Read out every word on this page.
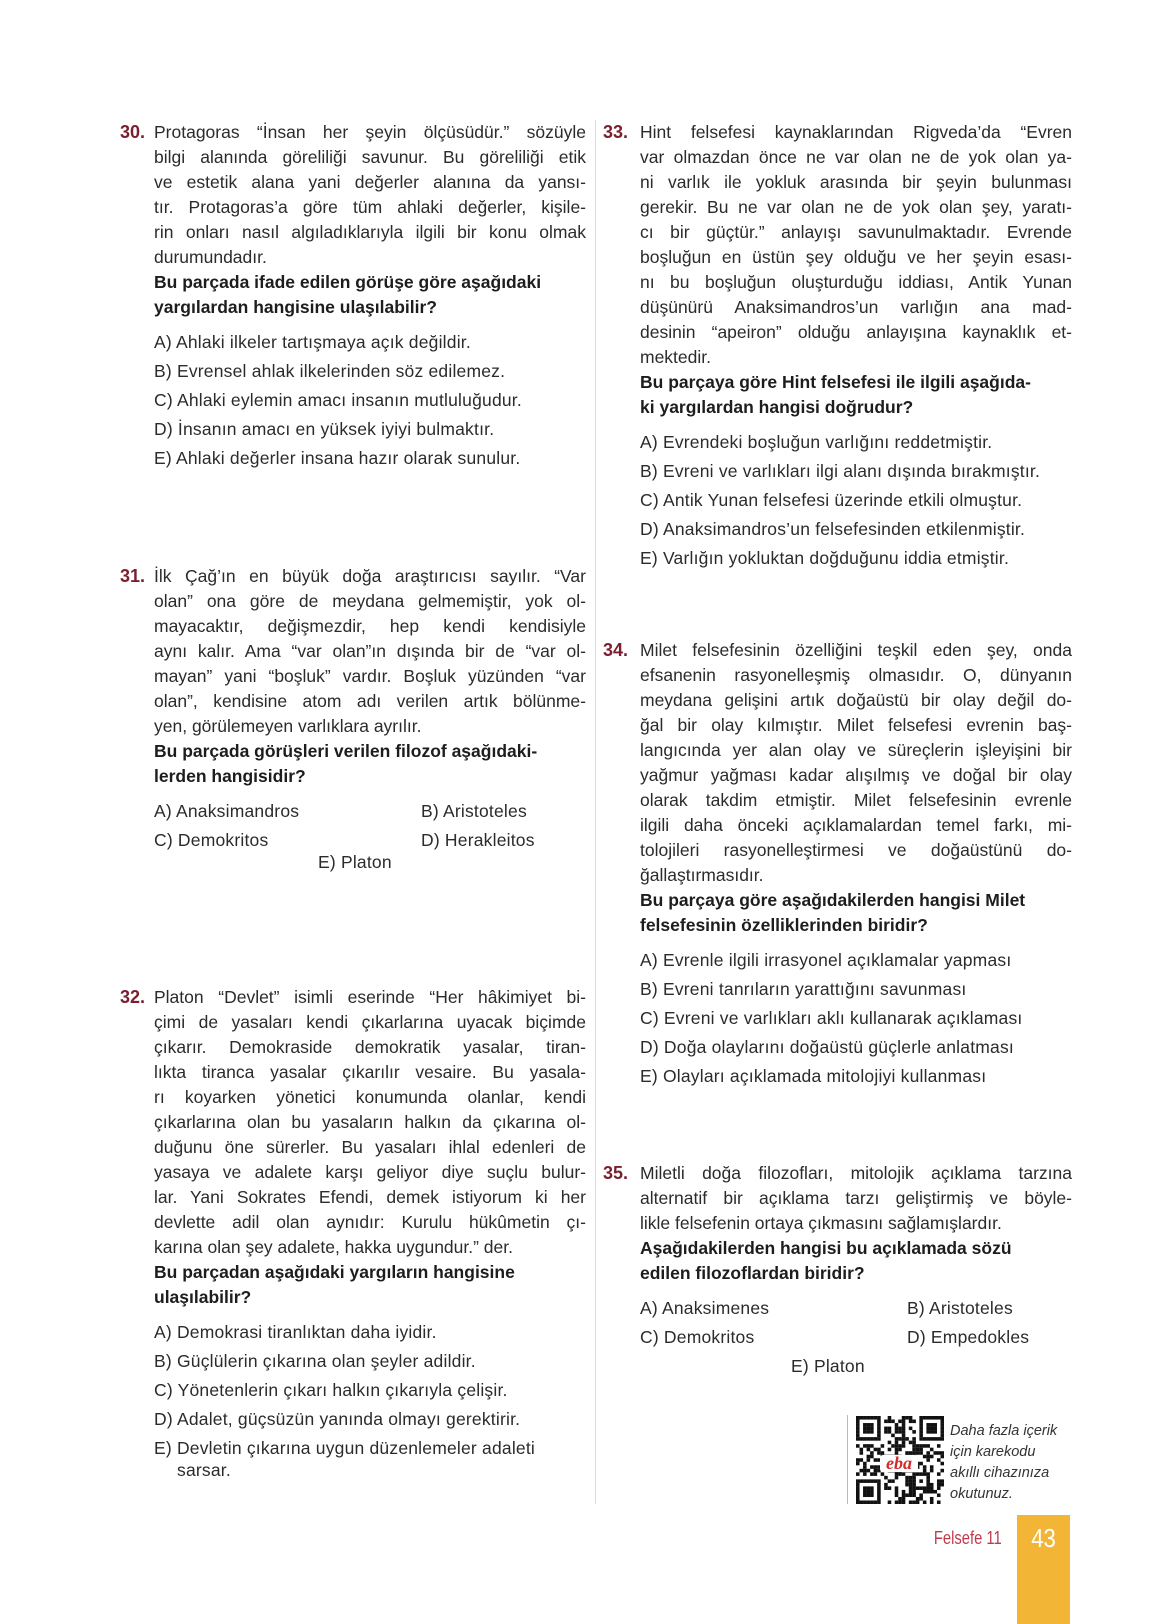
30. Protagoras “İnsan her şeyin ölçüsüdür.” sözüyle
bilgi alanında göreliliği savunur. Bu göreliliği etik
ve estetik alana yani değerler alanına da yansı-
tır. Protagoras’a göre tüm ahlaki değerler, kişile-
rin onları nasıl algıladıklarıyla ilgili bir konu olmak
durumundadır.
Bu parçada ifade edilen görüşe göre aşağıdaki
yargılardan hangisine ulaşılabilir?
A) Ahlaki ilkeler tartışmaya açık değildir.
B) Evrensel ahlak ilkelerinden söz edilemez.
C) Ahlaki eylemin amacı insanın mutluluğudur.
D) İnsanın amacı en yüksek iyiyi bulmaktır.
E) Ahlaki değerler insana hazır olarak sunulur.
31. İlk Çağ’ın en büyük doğa araştırıcısı sayılır. “Var
olan” ona göre de meydana gelmemiştir, yok ol-
mayacaktır, değişmezdir, hep kendi kendisiyle
aynı kalır. Ama “var olan”ın dışında bir de “var ol-
mayan” yani “boşluk” vardır. Boşluk yüzünden “var
olan”, kendisine atom adı verilen artık bölünme-
yen, görülemeyen varlıklara ayrılır.
Bu parçada görüşleri verilen filozof aşağıdaki-
lerden hangisidir?
A) Anaksimandros	B) Aristoteles
C) Demokritos	D) Herakleitos
E) Platon
32. Platon “Devlet” isimli eserinde “Her hâkimiyet bi-
çimi de yasaları kendi çıkarlarına uyacak biçimde
çıkarır. Demokraside demokratik yasalar, tiran-
lıkta tiranca yasalar çıkarılır vesaire. Bu yasala-
rı koyarken yönetici konumunda olanlar, kendi
çıkarlarına olan bu yasaların halkın da çıkarına ol-
duğunu öne sürerler. Bu yasaları ihlal edenleri de
yasaya ve adalete karşı geliyor diye suçlu bulur-
lar. Yani Sokrates Efendi, demek istiyorum ki her
devlette adil olan aynıdır: Kurulu hükûmetin çı-
karına olan şey adalete, hakka uygundur.” der.
Bu parçadan aşağıdaki yargıların hangisine
ulaşılabilir?
A) Demokrasi tiranlıktan daha iyidir.
B) Güçlülerin çıkarına olan şeyler adildir.
C) Yönetenlerin çıkarı halkın çıkarıyla çelişir.
D) Adalet, güçsüzün yanında olmayı gerektirir.
E) Devletin çıkarına uygun düzenlemeler adaleti
sarsar.
33. Hint felsefesi kaynaklarından Rigveda’da “Evren
var olmazdan önce ne var olan ne de yok olan ya-
ni varlık ile yokluk arasında bir şeyin bulunması
gerekir. Bu ne var olan ne de yok olan şey, yaratı-
cı bir güçtür.” anlayışı savunulmaktadır. Evrende
boşluğun en üstün şey olduğu ve her şeyin esası-
nı bu boşluğun oluşturduğu iddiası, Antik Yunan
düşünürü Anaksimandros’un varlığın ana mad-
desinin “apeiron” olduğu anlayışına kaynaklık et-
mektedir.
Bu parçaya göre Hint felsefesi ile ilgili aşağıda-
ki yargılardan hangisi doğrudur?
A) Evrendeki boşluğun varlığını reddetmiştir.
B) Evreni ve varlıkları ilgi alanı dışında bırakmıştır.
C) Antik Yunan felsefesi üzerinde etkili olmuştur.
D) Anaksimandros’un felsefesinden etkilenmiştir.
E) Varlığın yokluktan doğduğunu iddia etmiştir.
34. Milet felsefesinin özelliğini teşkil eden şey, onda
efsanenin rasyonelleşmiş olmasıdır. O, dünyanın
meydana gelişini artık doğaüstü bir olay değil do-
ğal bir olay kılmıştır. Milet felsefesi evrenin baş-
langıcında yer alan olay ve süreçlerin işleyişini bir
yağmur yağması kadar alışılmış ve doğal bir olay
olarak takdim etmiştir. Milet felsefesinin evrenle
ilgili daha önceki açıklamalardan temel farkı, mi-
tolojileri rasyonelleştirmesi ve doğaüstünü do-
ğallaştırmasıdır.
Bu parçaya göre aşağıdakilerden hangisi Milet
felsefesinin özelliklerinden biridir?
A) Evrenle ilgili irrasyonel açıklamalar yapması
B) Evreni tanrıların yarattığını savunması
C) Evreni ve varlıkları aklı kullanarak açıklaması
D) Doğa olaylarını doğaüstü güçlerle anlatması
E) Olayları açıklamada mitolojiyi kullanması
35. Miletli doğa filozofları, mitolojik açıklama tarzına
alternatif bir açıklama tarzı geliştirmiş ve böyle-
likle felsefenin ortaya çıkmasını sağlamışlardır.
Aşağıdakilerden hangisi bu açıklamada sözü
edilen filozoflardan biridir?
A) Anaksimenes	B) Aristoteles
C) Demokritos	D) Empedokles
E) Platon
eba
Daha fazla içerik
için karekodu
akıllı cihazınıza
okutunuz.
Felsefe 11	43
